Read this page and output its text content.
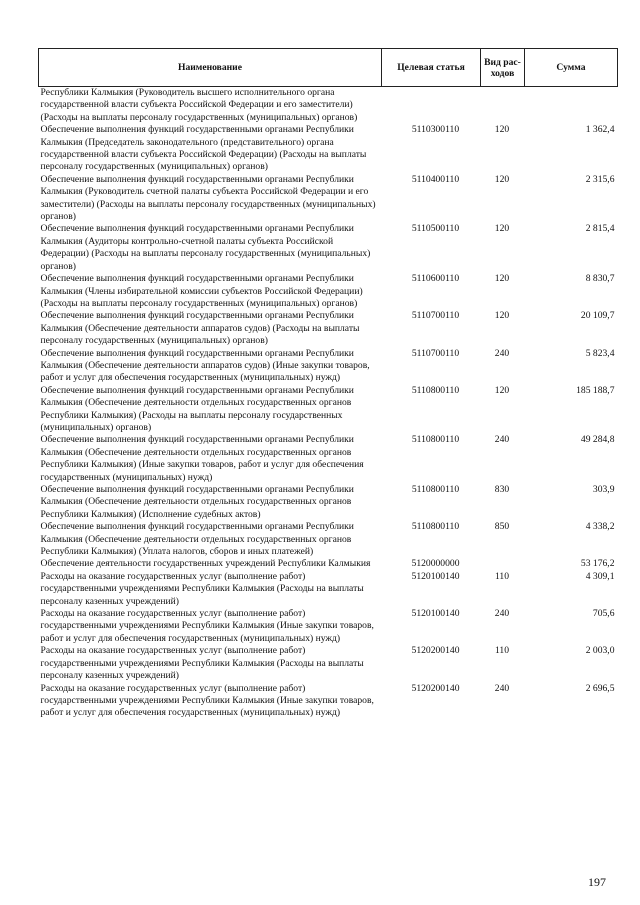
Наименование	Целевая статья	Вид рас-ходов	Сумма
Республики Калмыкия (Руководитель высшего исполнительного органа государственной власти субъекта Российской Федерации и его заместители) (Расходы на выплаты персоналу государственных (муниципальных) органов)			
Обеспечение выполнения функций государственными органами Республики Калмыкия (Председатель законодательного (представительного) органа государственной власти субъекта Российской Федерации) (Расходы на выплаты персоналу государственных (муниципальных) органов)	5110300110	120	1 362,4
Обеспечение выполнения функций государственными органами Республики Калмыкия (Руководитель счетной палаты субъекта Российской Федерации и его заместители) (Расходы на выплаты персоналу государственных (муниципальных) органов)	5110400110	120	2 315,6
Обеспечение выполнения функций государственными органами Республики Калмыкия (Аудиторы контрольно-счетной палаты субъекта Российской Федерации) (Расходы на выплаты персоналу государственных (муниципальных) органов)	5110500110	120	2 815,4
Обеспечение выполнения функций государственными органами Республики Калмыкия (Члены избирательной комиссии субъектов Российской Федерации) (Расходы на выплаты персоналу государственных (муниципальных) органов)	5110600110	120	8 830,7
Обеспечение выполнения функций государственными органами Республики Калмыкия (Обеспечение деятельности аппаратов судов) (Расходы на выплаты персоналу государственных (муниципальных) органов)	5110700110	120	20 109,7
Обеспечение выполнения функций государственными органами Республики Калмыкия (Обеспечение деятельности аппаратов судов) (Иные закупки товаров, работ и услуг для обеспечения государственных (муниципальных) нужд)	5110700110	240	5 823,4
Обеспечение выполнения функций государственными органами Республики Калмыкия (Обеспечение деятельности отдельных государственных органов Республики Калмыкия) (Расходы на выплаты персоналу государственных (муниципальных) органов)	5110800110	120	185 188,7
Обеспечение выполнения функций государственными органами Республики Калмыкия (Обеспечение деятельности отдельных государственных органов Республики Калмыкия) (Иные закупки товаров, работ и услуг для обеспечения государственных (муниципальных) нужд)	5110800110	240	49 284,8
Обеспечение выполнения функций государственными органами Республики Калмыкия (Обеспечение деятельности отдельных государственных органов Республики Калмыкия) (Исполнение судебных актов)	5110800110	830	303,9
Обеспечение выполнения функций государственными органами Республики Калмыкия (Обеспечение деятельности отдельных государственных органов Республики Калмыкия) (Уплата налогов, сборов и иных платежей)	5110800110	850	4 338,2
Обеспечение деятельности государственных учреждений Республики Калмыкия	5120000000		53 176,2
Расходы на оказание государственных услуг (выполнение работ) государственными учреждениями Республики Калмыкия (Расходы на выплаты персоналу казенных учреждений)	5120100140	110	4 309,1
Расходы на оказание государственных услуг (выполнение работ) государственными учреждениями Республики Калмыкия (Иные закупки товаров, работ и услуг для обеспечения государственных (муниципальных) нужд)	5120100140	240	705,6
Расходы на оказание государственных услуг (выполнение работ) государственными учреждениями Республики Калмыкия (Расходы на выплаты персоналу казенных учреждений)	5120200140	110	2 003,0
Расходы на оказание государственных услуг (выполнение работ) государственными учреждениями Республики Калмыкия (Иные закупки товаров, работ и услуг для обеспечения государственных (муниципальных) нужд)	5120200140	240	2 696,5
197
